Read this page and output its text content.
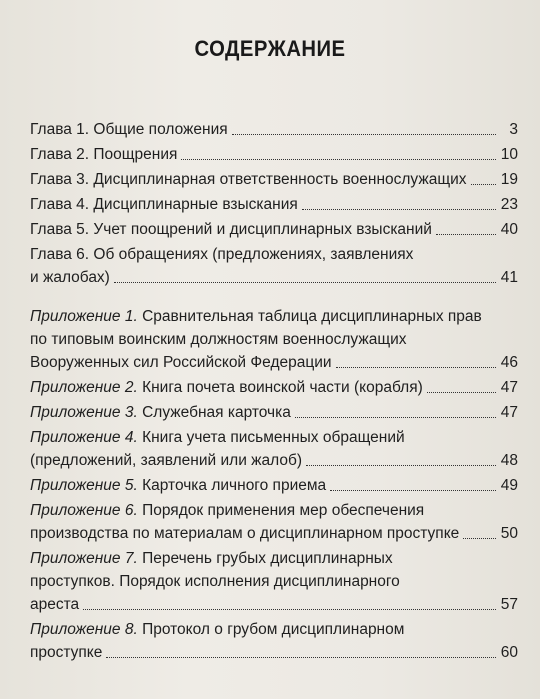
СОДЕРЖАНИЕ
Глава 1. Общие положения	3
Глава 2. Поощрения	10
Глава 3. Дисциплинарная ответственность военнослужащих 19
Глава 4. Дисциплинарные взыскания	23
Глава 5. Учет поощрений и дисциплинарных взысканий	40
Глава 6. Об обращениях (предложениях, заявлениях
и жалобах)	41
Приложение 1. Сравнительная таблица дисциплинарных прав
по типовым воинским должностям военнослужащих
Вооруженных сил Российской Федерации	46
Приложение 2. Книга почета воинской части (корабля)	47
Приложение 3. Служебная карточка	47
Приложение 4. Книга учета письменных обращений
(предложений, заявлений или жалоб)	48
Приложение 5. Карточка личного приема	49
Приложение 6. Порядок применения мер обеспечения
производства по материалам о дисциплинарном проступке	50
Приложение 7. Перечень грубых дисциплинарных
проступков. Порядок исполнения дисциплинарного
ареста	57
Приложение 8. Протокол о грубом дисциплинарном
проступке	60
